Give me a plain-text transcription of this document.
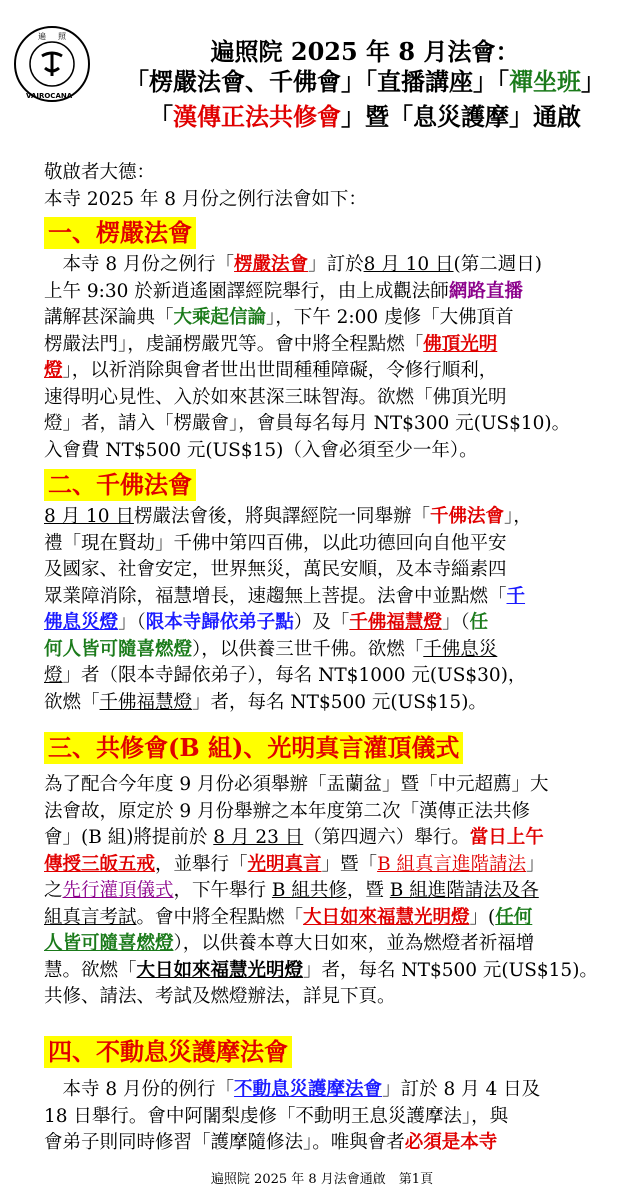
遍 照
VAIROCANA
遍照院 2025 年 8 月法會：
「楞嚴法會、千佛會」「直播講座」「禪坐班」
「漢傳正法共修會」暨「息災護摩」通啟
敬啟者大德：
本寺 2025 年 8 月份之例行法會如下：
一、楞嚴法會
　本寺 8 月份之例行「楞嚴法會」訂於8 月 10 日(第二週日)
上午 9:30 於新逍遙園譯經院舉行，由上成觀法師網路直播
講解甚深論典「大乘起信論」，下午 2:00 虔修「大佛頂首
楞嚴法門」，虔誦楞嚴咒等。會中將全程點燃「佛頂光明
燈」，以祈消除與會者世出世間種種障礙，令修行順利，
速得明心見性、入於如來甚深三昧智海。欲燃「佛頂光明
燈」者，請入「楞嚴會」，會員每名每月 NT$300 元(US$10)。
入會費 NT$500 元(US$15)（入會必須至少一年）。
二、千佛法會
8 月 10 日楞嚴法會後，將與譯經院一同舉辦「千佛法會」，
禮「現在賢劫」千佛中第四百佛，以此功德回向自他平安
及國家、社會安定，世界無災，萬民安順，及本寺緇素四
眾業障消除，福慧增長，速趨無上菩提。法會中並點燃「千
佛息災燈」（限本寺歸依弟子點）及「千佛福慧燈」（任
何人皆可隨喜燃燈），以供養三世千佛。欲燃「千佛息災
燈」者（限本寺歸依弟子），每名 NT$1000 元(US$30)，
欲燃「千佛福慧燈」者，每名 NT$500 元(US$15)。
三、共修會(B 組)、光明真言灌頂儀式
為了配合今年度 9 月份必須舉辦「盂蘭盆」暨「中元超薦」大
法會故，原定於 9 月份舉辦之本年度第二次「漢傳正法共修
會」(B 組)將提前於 8 月 23 日（第四週六）舉行。當日上午
傳授三皈五戒，並舉行「光明真言」暨「B 組真言進階請法」
之先行灌頂儀式，下午舉行 B 組共修，暨 B 組進階請法及各
組真言考試。會中將全程點燃「大日如來福慧光明燈」(任何
人皆可隨喜燃燈），以供養本尊大日如來，並為燃燈者祈福增
慧。欲燃「大日如來福慧光明燈」者，每名 NT$500 元(US$15)。
共修、請法、考試及燃燈辦法，詳見下頁。
四、不動息災護摩法會
　本寺 8 月份的例行「不動息災護摩法會」訂於 8 月 4 日及
18 日舉行。會中阿闍梨虔修「不動明王息災護摩法」，與
會弟子則同時修習「護摩隨修法」。唯與會者必須是本寺
遍照院 2025 年 8 月法會通啟　第1頁
